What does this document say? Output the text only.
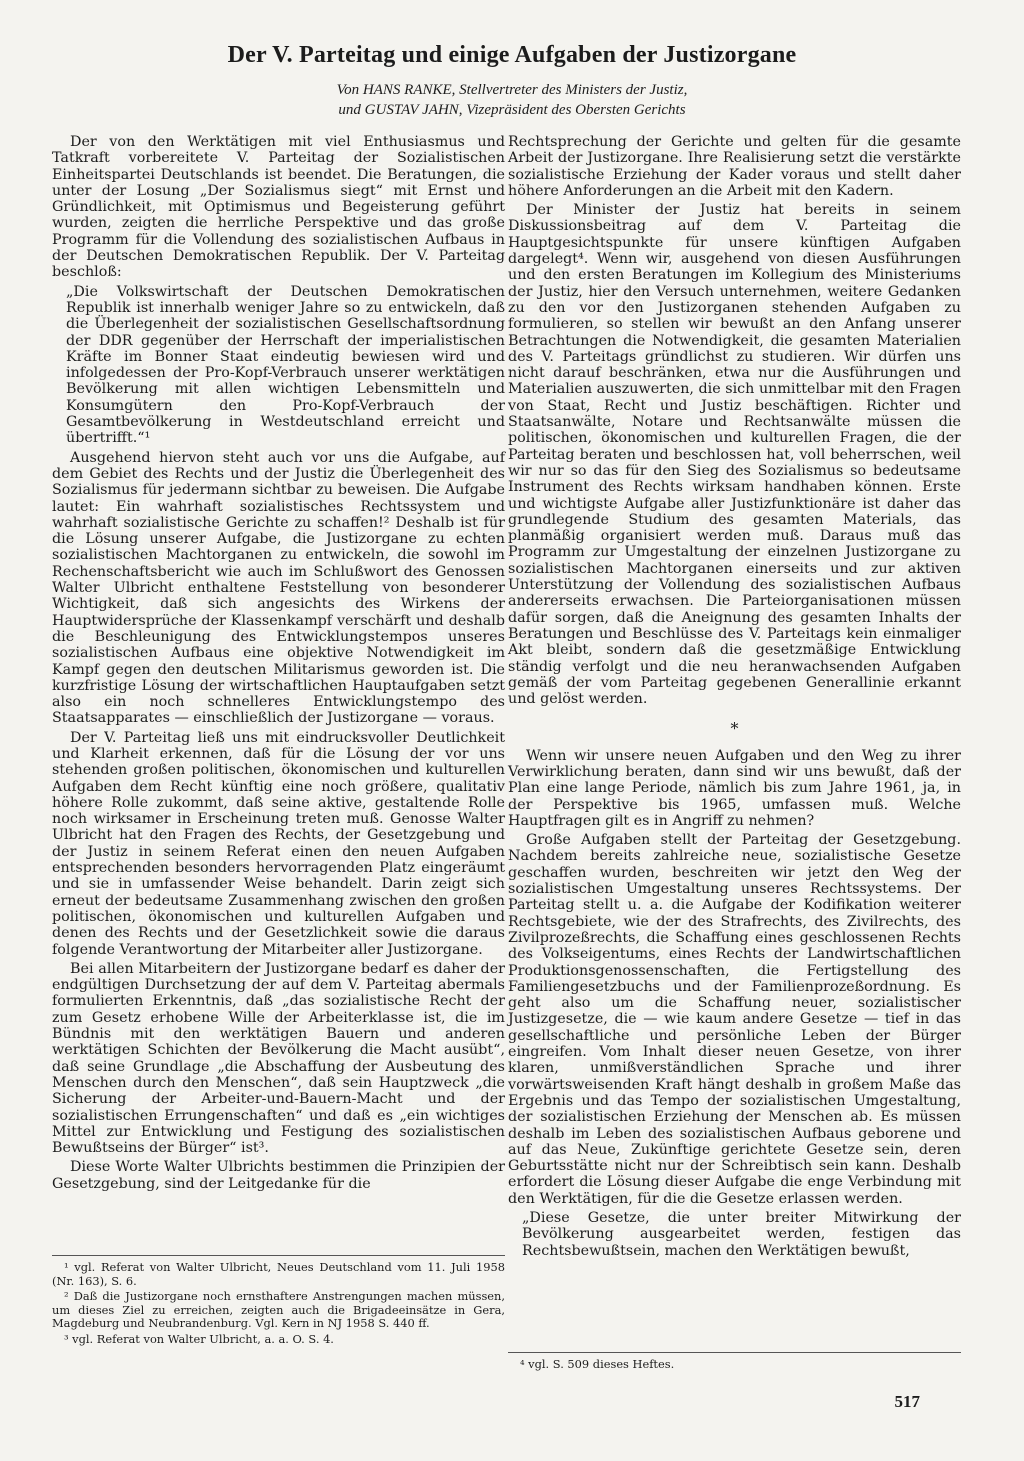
Der V. Parteitag und einige Aufgaben der Justizorgane
Von HANS RANKE, Stellvertreter des Ministers der Justiz,
und GUSTAV JAHN, Vizepräsident des Obersten Gerichts

Der von den Werktätigen mit viel Enthusiasmus und Tatkraft vorbereitete V. Parteitag der Sozialistischen Einheitspartei Deutschlands ist beendet. Die Beratungen, die unter der Losung „Der Sozialismus siegt“ mit Ernst und Gründlichkeit, mit Optimismus und Begeisterung geführt wurden, zeigten die herrliche Perspektive und das große Programm für die Vollendung des sozialistischen Aufbaus in der Deutschen Demokratischen Republik. Der V. Parteitag beschloß:

„Die Volkswirtschaft der Deutschen Demokratischen Republik ist innerhalb weniger Jahre so zu entwickeln, daß die Überlegenheit der sozialistischen Gesellschaftsordnung der DDR gegenüber der Herrschaft der imperialistischen Kräfte im Bonner Staat eindeutig bewiesen wird und infolgedessen der Pro-Kopf-Verbrauch unserer werktätigen Bevölkerung mit allen wichtigen Lebensmitteln und Konsumgütern den Pro-Kopf-Verbrauch der Gesamtbevölkerung in Westdeutschland erreicht und übertrifft.“¹

Ausgehend hiervon steht auch vor uns die Aufgabe, auf dem Gebiet des Rechts und der Justiz die Überlegenheit des Sozialismus für jedermann sichtbar zu beweisen. Die Aufgabe lautet: Ein wahrhaft sozialistisches Rechtssystem und wahrhaft sozialistische Gerichte zu schaffen!² Deshalb ist für die Lösung unserer Aufgabe, die Justizorgane zu echten sozialistischen Machtorganen zu entwickeln, die sowohl im Rechenschaftsbericht wie auch im Schlußwort des Genossen Walter Ulbricht enthaltene Feststellung von besonderer Wichtigkeit, daß sich angesichts des Wirkens der Hauptwidersprüche der Klassenkampf verschärft und deshalb die Beschleunigung des Entwicklungstempos unseres sozialistischen Aufbaus eine objektive Notwendigkeit im Kampf gegen den deutschen Militarismus geworden ist. Die kurzfristige Lösung der wirtschaftlichen Hauptaufgaben setzt also ein noch schnelleres Entwicklungstempo des Staatsapparates — einschließlich der Justizorgane — voraus.

Der V. Parteitag ließ uns mit eindrucksvoller Deutlichkeit und Klarheit erkennen, daß für die Lösung der vor uns stehenden großen politischen, ökonomischen und kulturellen Aufgaben dem Recht künftig eine noch größere, qualitativ höhere Rolle zukommt, daß seine aktive, gestaltende Rolle noch wirksamer in Erscheinung treten muß. Genosse Walter Ulbricht hat den Fragen des Rechts, der Gesetzgebung und der Justiz in seinem Referat einen den neuen Aufgaben entsprechenden besonders hervorragenden Platz eingeräumt und sie in umfassender Weise behandelt. Darin zeigt sich erneut der bedeutsame Zusammenhang zwischen den großen politischen, ökonomischen und kulturellen Aufgaben und denen des Rechts und der Gesetzlichkeit sowie die daraus folgende Verantwortung der Mitarbeiter aller Justizorgane.

Bei allen Mitarbeitern der Justizorgane bedarf es daher der endgültigen Durchsetzung der auf dem V. Parteitag abermals formulierten Erkenntnis, daß „das sozialistische Recht der zum Gesetz erhobene Wille der Arbeiterklasse ist, die im Bündnis mit den werktätigen Bauern und anderen werktätigen Schichten der Bevölkerung die Macht ausübt“, daß seine Grundlage „die Abschaffung der Ausbeutung des Menschen durch den Menschen“, daß sein Hauptzweck „die Sicherung der Arbeiter-und-Bauern-Macht und der sozialistischen Errungenschaften“ und daß es „ein wichtiges Mittel zur Entwicklung und Festigung des sozialistischen Bewußtseins der Bürger“ ist³.

Diese Worte Walter Ulbrichts bestimmen die Prinzipien der Gesetzgebung, sind der Leitgedanke für die

Rechtsprechung der Gerichte und gelten für die gesamte Arbeit der Justizorgane. Ihre Realisierung setzt die verstärkte sozialistische Erziehung der Kader voraus und stellt daher höhere Anforderungen an die Arbeit mit den Kadern.

Der Minister der Justiz hat bereits in seinem Diskussionsbeitrag auf dem V. Parteitag die Hauptgesichtspunkte für unsere künftigen Aufgaben dargelegt⁴. Wenn wir, ausgehend von diesen Ausführungen und den ersten Beratungen im Kollegium des Ministeriums der Justiz, hier den Versuch unternehmen, weitere Gedanken zu den vor den Justizorganen stehenden Aufgaben zu formulieren, so stellen wir bewußt an den Anfang unserer Betrachtungen die Notwendigkeit, die gesamten Materialien des V. Parteitags gründlichst zu studieren. Wir dürfen uns nicht darauf beschränken, etwa nur die Ausführungen und Materialien auszuwerten, die sich unmittelbar mit den Fragen von Staat, Recht und Justiz beschäftigen. Richter und Staatsanwälte, Notare und Rechtsanwälte müssen die politischen, ökonomischen und kulturellen Fragen, die der Parteitag beraten und beschlossen hat, voll beherrschen, weil wir nur so das für den Sieg des Sozialismus so bedeutsame Instrument des Rechts wirksam handhaben können. Erste und wichtigste Aufgabe aller Justizfunktionäre ist daher das grundlegende Studium des gesamten Materials, das planmäßig organisiert werden muß. Daraus muß das Programm zur Umgestaltung der einzelnen Justizorgane zu sozialistischen Machtorganen einerseits und zur aktiven Unterstützung der Vollendung des sozialistischen Aufbaus andererseits erwachsen. Die Parteiorganisationen müssen dafür sorgen, daß die Aneignung des gesamten Inhalts der Beratungen und Beschlüsse des V. Parteitags kein einmaliger Akt bleibt, sondern daß die gesetzmäßige Entwicklung ständig verfolgt und die neu heranwachsenden Aufgaben gemäß der vom Parteitag gegebenen Generallinie erkannt und gelöst werden.

*

Wenn wir unsere neuen Aufgaben und den Weg zu ihrer Verwirklichung beraten, dann sind wir uns bewußt, daß der Plan eine lange Periode, nämlich bis zum Jahre 1961, ja, in der Perspektive bis 1965, umfassen muß. Welche Hauptfragen gilt es in Angriff zu nehmen?

Große Aufgaben stellt der Parteitag der Gesetzgebung. Nachdem bereits zahlreiche neue, sozialistische Gesetze geschaffen wurden, beschreiten wir jetzt den Weg der sozialistischen Umgestaltung unseres Rechtssystems. Der Parteitag stellt u. a. die Aufgabe der Kodifikation weiterer Rechtsgebiete, wie der des Strafrechts, des Zivilrechts, des Zivilprozeßrechts, die Schaffung eines geschlossenen Rechts des Volkseigentums, eines Rechts der Landwirtschaftlichen Produktionsgenossenschaften, die Fertigstellung des Familiengesetzbuchs und der Familienprozeßordnung. Es geht also um die Schaffung neuer, sozialistischer Justizgesetze, die — wie kaum andere Gesetze — tief in das gesellschaftliche und persönliche Leben der Bürger eingreifen. Vom Inhalt dieser neuen Gesetze, von ihrer klaren, unmißverständlichen Sprache und ihrer vorwärtsweisenden Kraft hängt deshalb in großem Maße das Ergebnis und das Tempo der sozialistischen Umgestaltung, der sozialistischen Erziehung der Menschen ab. Es müssen deshalb im Leben des sozialistischen Aufbaus geborene und auf das Neue, Zukünftige gerichtete Gesetze sein, deren Geburtsstätte nicht nur der Schreibtisch sein kann. Deshalb erfordert die Lösung dieser Aufgabe die enge Verbindung mit den Werktätigen, für die die Gesetze erlassen werden.

„Diese Gesetze, die unter breiter Mitwirkung der Bevölkerung ausgearbeitet werden, festigen das Rechtsbewußtsein, machen den Werktätigen bewußt,

¹ vgl. Referat von Walter Ulbricht, Neues Deutschland vom 11. Juli 1958 (Nr. 163), S. 6.

² Daß die Justizorgane noch ernsthaftere Anstrengungen machen müssen, um dieses Ziel zu erreichen, zeigten auch die Brigadeeinsätze in Gera, Magdeburg und Neubrandenburg. Vgl. Kern in NJ 1958 S. 440 ff.

³ vgl. Referat von Walter Ulbricht, a. a. O. S. 4.

⁴ vgl. S. 509 dieses Heftes.

517
